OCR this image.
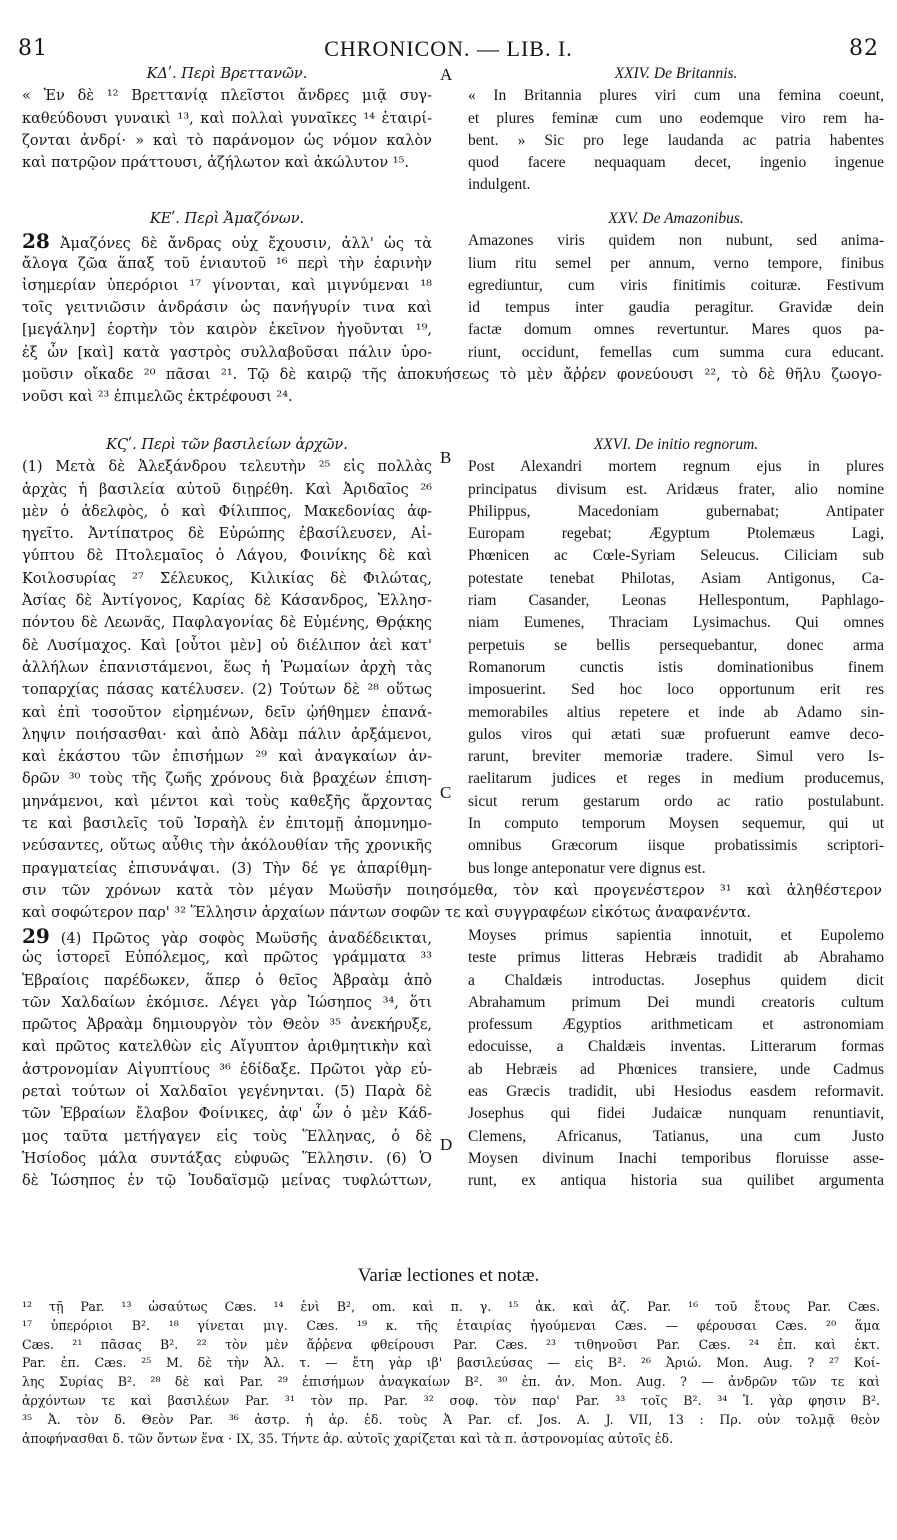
81	CHRONICON. — LIB. I.	82
A
B
C
D
ΚΔʹ. Περὶ Βρεττανῶν.
« Ἐν δὲ ¹² Βρεττανίᾳ πλεῖστοι ἄνδρες μιᾷ συγ-
καθεύδουσι γυναικὶ ¹³, καὶ πολλαὶ γυναῖκες ¹⁴ ἑταιρί-
ζονται ἀνδρί· » καὶ τὸ παράνομον ὡς νόμον καλὸν
καὶ πατρῷον πράττουσι, ἀζήλωτον καὶ ἀκώλυτον ¹⁵.
XXIV. De Britannis.
« In Britannia plures viri cum una femina coeunt,
et plures feminæ cum uno eodemque viro rem ha-
bent. » Sic pro lege laudanda ac patria habentes
quod facere nequaquam decet, ingenio ingenue
indulgent.
ΚΕʹ. Περὶ Ἀμαζόνων.
28 Ἀμαζόνες δὲ ἄνδρας οὐχ ἔχουσιν, ἀλλ' ὡς τὰ
ἄλογα ζῶα ἅπαξ τοῦ ἐνιαυτοῦ ¹⁶ περὶ τὴν ἐαρινὴν
ἰσημερίαν ὑπερόριοι ¹⁷ γίνονται, καὶ μιγνύμεναι ¹⁸
τοῖς γειτνιῶσιν ἀνδράσιν ὡς πανήγυρίν τινα καὶ
[μεγάλην] ἑορτὴν τὸν καιρὸν ἐκεῖνον ἡγοῦνται ¹⁹,
ἐξ ὧν [καὶ] κατὰ γαστρὸς συλλαβοῦσαι πάλιν ὑρο-
XXV. De Amazonibus.
Amazones viris quidem non nubunt, sed anima-
lium ritu semel per annum, verno tempore, finibus
egrediuntur, cum viris finitimis coituræ. Festivum
id tempus inter gaudia peragitur. Gravidæ dein
factæ domum omnes revertuntur. Mares quos pa-
riunt, occidunt, femellas cum summa cura educant.
μοῦσιν οἴκαδε ²⁰ πᾶσαι ²¹. Τῷ δὲ καιρῷ τῆς ἀποκυήσεως τὸ μὲν ἄῤῥεν φονεύουσι ²², τὸ δὲ θῆλυ ζωογο-
νοῦσι καὶ ²³ ἐπιμελῶς ἐκτρέφουσι ²⁴.
ΚϚʹ. Περὶ τῶν βασιλείων ἀρχῶν.
(1) Μετὰ δὲ Ἀλεξάνδρου τελευτὴν ²⁵ εἰς πολλὰς
ἀρχὰς ἡ βασιλεία αὐτοῦ διῃρέθη. Καὶ Ἀριδαῖος ²⁶
μὲν ὁ ἀδελφὸς, ὁ καὶ Φίλιππος, Μακεδονίας ἀφ-
ηγεῖτο. Ἀντίπατρος δὲ Εὐρώπης ἐβασίλευσεν, Αἰ-
γύπτου δὲ Πτολεμαῖος ὁ Λάγου, Φοινίκης δὲ καὶ
Κοιλοσυρίας ²⁷ Σέλευκος, Κιλικίας δὲ Φιλώτας,
Ἀσίας δὲ Ἀντίγονος, Καρίας δὲ Κάσανδρος, Ἑλλησ-
πόντου δὲ Λεωνᾶς, Παφλαγονίας δὲ Εὐμένης, Θρᾴκης
δὲ Λυσίμαχος. Καὶ [οὗτοι μὲν] οὐ διέλιπον ἀεὶ κατ'
ἀλλήλων ἐπανιστάμενοι, ἕως ἡ Ῥωμαίων ἀρχὴ τὰς
τοπαρχίας πάσας κατέλυσεν. (2) Τούτων δὲ ²⁸ οὕτως
καὶ ἐπὶ τοσοῦτον εἰρημένων, δεῖν ᾠήθημεν ἐπανά-
ληψιν ποιήσασθαι· καὶ ἀπὸ Ἀδὰμ πάλιν ἀρξάμενοι,
καὶ ἑκάστου τῶν ἐπισήμων ²⁹ καὶ ἀναγκαίων ἀν-
δρῶν ³⁰ τοὺς τῆς ζωῆς χρόνους διὰ βραχέων ἐπιση-
μηνάμενοι, καὶ μέντοι καὶ τοὺς καθεξῆς ἄρχοντας
τε καὶ βασιλεῖς τοῦ Ἰσραὴλ ἐν ἐπιτομῇ ἀπομνημο-
νεύσαντες, οὕτως αὖθις τὴν ἀκόλουθίαν τῆς χρονικῆς
πραγματείας ἐπισυνάψαι. (3) Τὴν δέ γε ἀπαρίθμη-
XXVI. De initio regnorum.
Post Alexandri mortem regnum ejus in plures
principatus divisum est. Aridæus frater, alio nomine
Philippus, Macedoniam gubernabat; Antipater
Europam regebat; Ægyptum Ptolemæus Lagi,
Phœnicen ac Cœle-Syriam Seleucus. Ciliciam sub
potestate tenebat Philotas, Asiam Antigonus, Ca-
riam Casander, Leonas Hellespontum, Paphlago-
niam Eumenes, Thraciam Lysimachus. Qui omnes
perpetuis se bellis persequebantur, donec arma
Romanorum cunctis istis dominationibus finem
imposuerint. Sed hoc loco opportunum erit res
memorabiles altius repetere et inde ab Adamo sin-
gulos viros qui ætati suæ profuerunt eamve deco-
rarunt, breviter memoriæ tradere. Simul vero Is-
raelitarum judices et reges in medium producemus,
sicut rerum gestarum ordo ac ratio postulabunt.
In computo temporum Moysen sequemur, qui ut
omnibus Græcorum iisque probatissimis scriptori-
bus longe anteponatur vere dignus est.
σιν τῶν χρόνων κατὰ τὸν μέγαν Μωϋσῆν ποιησόμεθα, τὸν καὶ προγενέστερον ³¹ καὶ ἀληθέστερον
καὶ σοφώτερον παρ' ³² Ἕλλησιν ἀρχαίων πάντων σοφῶν τε καὶ συγγραφέων εἰκότως ἀναφανέντα.
29 (4) Πρῶτος γὰρ σοφὸς Μωϋσῆς ἀναδέδεικται,
ὡς ἱστορεῖ Εὐπόλεμος, καὶ πρῶτος γράμματα ³³
Ἑβραίοις παρέδωκεν, ἅπερ ὁ θεῖος Ἀβραὰμ ἀπὸ
τῶν Χαλδαίων ἐκόμισε. Λέγει γὰρ Ἰώσηπος ³⁴, ὅτι
πρῶτος Ἀβραὰμ δημιουργὸν τὸν Θεὸν ³⁵ ἀνεκήρυξε,
καὶ πρῶτος κατελθὼν εἰς Αἴγυπτον ἀριθμητικὴν καὶ
ἀστρονομίαν Αἰγυπτίους ³⁶ ἐδίδαξε. Πρῶτοι γὰρ εὑ-
ρεταὶ τούτων οἱ Χαλδαῖοι γεγένηνται. (5) Παρὰ δὲ
τῶν Ἑβραίων ἔλαβον Φοίνικες, ἀφ' ὧν ὁ μὲν Κάδ-
μος ταῦτα μετήγαγεν εἰς τοὺς Ἕλληνας, ὁ δὲ
Ἡσίοδος μάλα συντάξας εὐφυῶς Ἕλλησιν. (6) Ὁ
δὲ Ἰώσηπος ἐν τῷ Ἰουδαϊσμῷ μείνας τυφλώττων,
Moyses primus sapientia innotuit, et Eupolemo
teste primus litteras Hebræis tradidit ab Abrahamo
a Chaldæis introductas. Josephus quidem dicit
Abrahamum primum Dei mundi creatoris cultum
professum Ægyptios arithmeticam et astronomiam
edocuisse, a Chaldæis inventas. Litterarum formas
ab Hebræis ad Phœnices transiere, unde Cadmus
eas Græcis tradidit, ubi Hesiodus easdem reformavit.
Josephus qui fidei Judaicæ nunquam renuntiavit,
Clemens, Africanus, Tatianus, una cum Justo
Moysen divinum Inachi temporibus floruisse asse-
runt, ex antiqua historia sua quilibet argumenta
Variæ lectiones et notæ.
¹² τῇ Par. ¹³ ὡσαύτως Cæs. ¹⁴ ἑνὶ B², om. καὶ π. γ. ¹⁵ ἀκ. καὶ ἀζ. Par. ¹⁶ τοῦ ἔτους Par. Cæs.
¹⁷ ὑπερόριοι B². ¹⁸ γίνεται μιγ. Cæs. ¹⁹ κ. τῆς ἑταιρίας ἡγούμεναι Cæs. — φέρουσαι Cæs. ²⁰ ἅμα
Cæs. ²¹ πᾶσας B². ²² τὸν μὲν ἄῤῥενα φθείρουσι Par. Cæs. ²³ τιθηνοῦσι Par. Cæs. ²⁴ ἐπ. καὶ ἐκτ.
Par. ἐπ. Cæs. ²⁵ Μ. δὲ τὴν Ἀλ. τ. — ἔτη γὰρ ιβ' βασιλεύσας — εἰς B². ²⁶ Ἀριώ. Mon. Aug. ? ²⁷ Κοί-
λης Συρίας B². ²⁸ δὲ καὶ Par. ²⁹ ἐπισήμων ἀναγκαίων B². ³⁰ ἐπ. ἀν. Mon. Aug. ? — ἀνδρῶν τῶν τε καὶ
ἀρχόντων τε καὶ βασιλέων Par. ³¹ τὸν πρ. Par. ³² σοφ. τὸν παρ' Par. ³³ τοῖς B². ³⁴ Ἰ. γὰρ φησιν B².
³⁵ Ἀ. τὸν δ. Θεὸν Par. ³⁶ ἀστρ. ἡ ἀρ. ἐδ. τοὺς Ἀ Par. cf. Jos. A. J. VII, 13 : Πρ. οὐν τολμᾷ θεὸν
ἀποφήνασθαι δ. τῶν ὄντων ἕνα · IX, 35. Τήντε ἀρ. αὐτοῖς χαρίζεται καὶ τὰ π. ἀστρονομίας αὐτοῖς ἐδ.
